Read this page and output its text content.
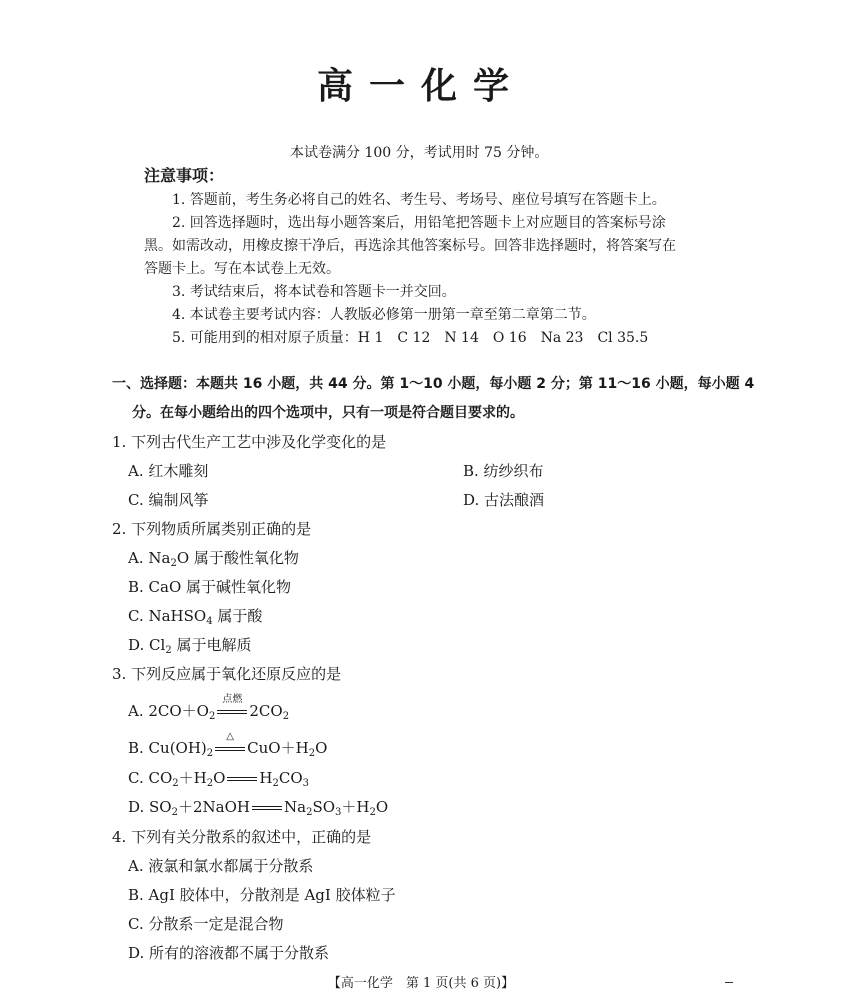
高一化学
本试卷满分 100 分，考试用时 75 分钟。
注意事项：
1. 答题前，考生务必将自己的姓名、考生号、考场号、座位号填写在答题卡上。
2. 回答选择题时，选出每小题答案后，用铅笔把答题卡上对应题目的答案标号涂
黑。如需改动，用橡皮擦干净后，再选涂其他答案标号。回答非选择题时，将答案写在
答题卡上。写在本试卷上无效。
3. 考试结束后，将本试卷和答题卡一并交回。
4. 本试卷主要考试内容：人教版必修第一册第一章至第二章第二节。
5. 可能用到的相对原子质量：H 1　C 12　N 14　O 16　Na 23　Cl 35.5
一、选择题：本题共 16 小题，共 44 分。第 1～10 小题，每小题 2 分；第 11～16 小题，每小题 4
分。在每小题给出的四个选项中，只有一项是符合题目要求的。
1. 下列古代生产工艺中涉及化学变化的是
A. 红木雕刻	B. 纺纱织布
C. 编制风筝	D. 古法酿酒
2. 下列物质所属类别正确的是
A. $Na_2O$ 属于酸性氧化物
B. CaO 属于碱性氧化物
C. NaHSO$_4$ 属于酸
D. $Cl_2$ 属于电解质
3. 下列反应属于氧化还原反应的是
A. $2CO+O_2$
点燃
$2CO_2$
B. $Cu(OH)_2$
△
$CuO+H_2O$
C. $CO_2+H_2O$ $H_2CO_3$
D. $SO_2+2NaOH$ $Na_2SO_3+H_2O$
4. 下列有关分散系的叙述中，正确的是
A. 液氯和氯水都属于分散系
B. AgI 胶体中，分散剂是 AgI 胶体粒子
C. 分散系一定是混合物
D. 所有的溶液都不属于分散系
【高一化学　第 1 页(共 6 页)】
